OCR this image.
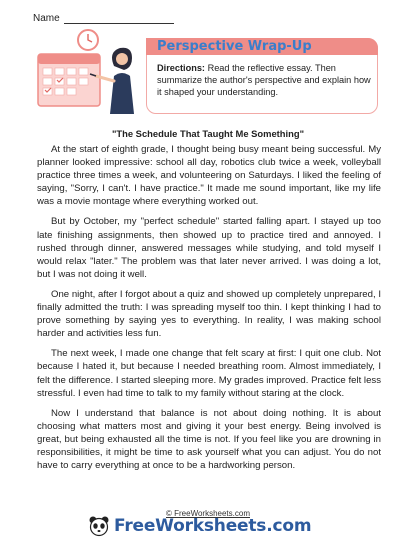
Name
Perspective Wrap-Up
Directions: Read the reflective essay. Then summarize the author's perspective and explain how it shaped your understanding.
"The Schedule That Taught Me Something"

At the start of eighth grade, I thought being busy meant being successful. My planner looked impressive: school all day, robotics club twice a week, volleyball practice three times a week, and volunteering on Saturdays. I liked the feeling of saying, "Sorry, I can't. I have practice." It made me sound important, like my life was a movie montage where everything worked out.

But by October, my "perfect schedule" started falling apart. I stayed up too late finishing assignments, then showed up to practice tired and annoyed. I rushed through dinner, answered messages while studying, and told myself I would relax "later." The problem was that later never arrived. I was doing a lot, but I was not doing it well.

One night, after I forgot about a quiz and showed up completely unprepared, I finally admitted the truth: I was spreading myself too thin. I kept thinking I had to prove something by saying yes to everything. In reality, I was making school harder and activities less fun.

The next week, I made one change that felt scary at first: I quit one club. Not because I hated it, but because I needed breathing room. Almost immediately, I felt the difference. I started sleeping more. My grades improved. Practice felt less stressful. I even had time to talk to my family without staring at the clock.

Now I understand that balance is not about doing nothing. It is about choosing what matters most and giving it your best energy. Being involved is great, but being exhausted all the time is not. If you feel like you are drowning in responsibilities, it might be time to ask yourself what you can adjust. You do not have to carry everything at once to be a hardworking person.

© FreeWorksheets.com
FreeWorksheets.com
